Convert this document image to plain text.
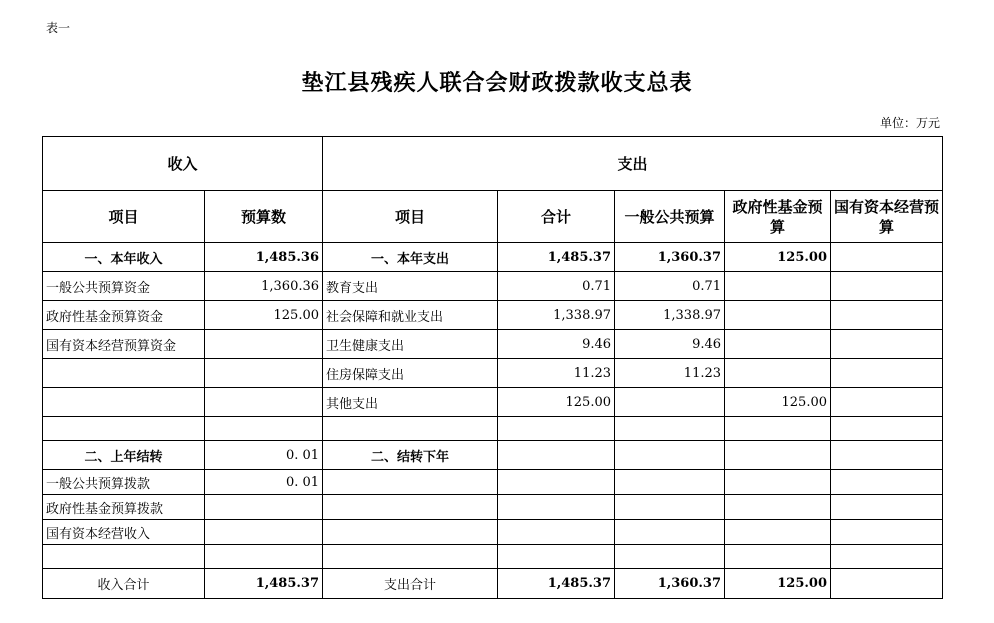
表一
垫江县残疾人联合会财政拨款收支总表
单位：万元
收入		支出				
项目	预算数	项目	合计	一般公共预算	政府性基金预算	国有资本经营预算
一、本年收入	1,485.36	一、本年支出	1,485.37	1,360.37	125.00	
一般公共预算资金	1,360.36	教育支出	0.71	0.71		
政府性基金预算资金	125.00	社会保障和就业支出	1,338.97	1,338.97		
国有资本经营预算资金		卫生健康支出	9.46	9.46		
		住房保障支出	11.23	11.23		
		其他支出	125.00		125.00	

二、上年结转	0. 01	二、结转下年				
一般公共预算拨款	0. 01					
政府性基金预算拨款						
国有资本经营收入						

收入合计	1,485.37	支出合计	1,485.37	1,360.37	125.00	
